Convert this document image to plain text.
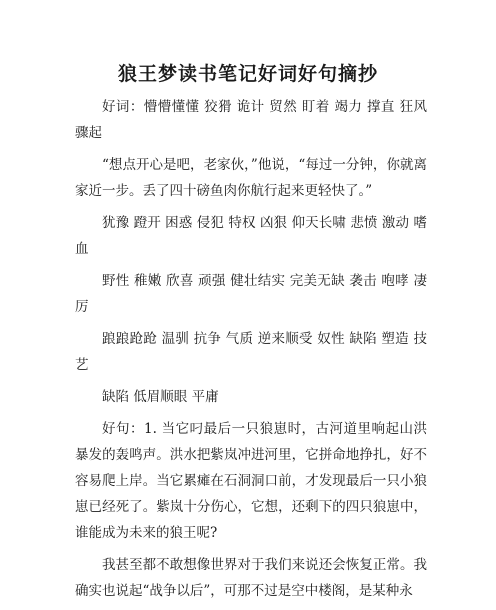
狼王梦读书笔记好词好句摘抄

好词：懵懵懂懂 狡猾 诡计 贸然 盯着 竭力 撑直 狂风骤起

“想点开心是吧，老家伙，”他说，“每过一分钟，你就离家近一步。丢了四十磅鱼肉你航行起来更轻快了。”

犹豫 蹬开 困惑 侵犯 特权 凶狠 仰天长啸 悲愤 激动 嗜血

野性 稚嫩 欣喜 顽强 健壮结实 完美无缺 袭击 咆哮 凄厉

踉踉跄跄 温驯 抗争 气质 逆来顺受 奴性 缺陷 塑造 技艺

缺陷 低眉顺眼 平庸

好句：1. 当它叼最后一只狼崽时，古河道里响起山洪暴发的轰鸣声。洪水把紫岚冲进河里，它拼命地挣扎，好不容易爬上岸。当它累瘫在石洞洞口前，才发现最后一只小狼崽已经死了。紫岚十分伤心，它想，还剩下的四只狼崽中，谁能成为未来的狼王呢?

我甚至都不敢想像世界对于我们来说还会恢复正常。我确实也说起“战争以后”，可那不过是空中楼阁，是某种永
